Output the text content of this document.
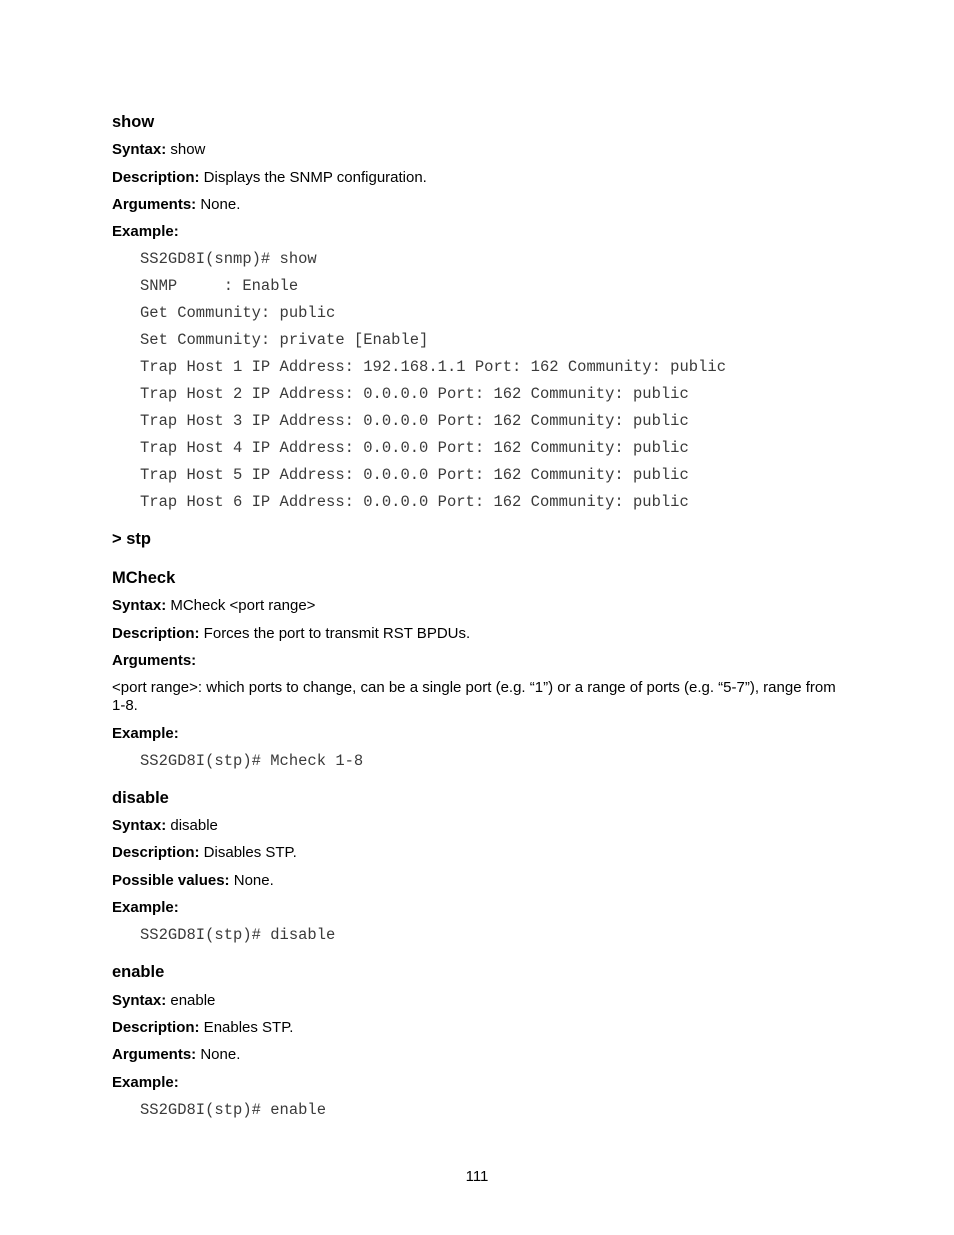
show
Syntax: show
Description: Displays the SNMP configuration.
Arguments: None.
Example:
SS2GD8I(snmp)# show
SNMP     : Enable
Get Community: public
Set Community: private [Enable]
Trap Host 1 IP Address: 192.168.1.1 Port: 162 Community: public
Trap Host 2 IP Address: 0.0.0.0 Port: 162 Community: public
Trap Host 3 IP Address: 0.0.0.0 Port: 162 Community: public
Trap Host 4 IP Address: 0.0.0.0 Port: 162 Community: public
Trap Host 5 IP Address: 0.0.0.0 Port: 162 Community: public
Trap Host 6 IP Address: 0.0.0.0 Port: 162 Community: public
> stp
MCheck
Syntax: MCheck <port range>
Description: Forces the port to transmit RST BPDUs.
Arguments:
<port range>: which ports to change, can be a single port (e.g. “1”) or a range of ports (e.g. “5-7”), range from 1-8.
Example:
SS2GD8I(stp)# Mcheck 1-8
disable
Syntax: disable
Description: Disables STP.
Possible values: None.
Example:
SS2GD8I(stp)# disable
enable
Syntax: enable
Description: Enables STP.
Arguments: None.
Example:
SS2GD8I(stp)# enable
111
